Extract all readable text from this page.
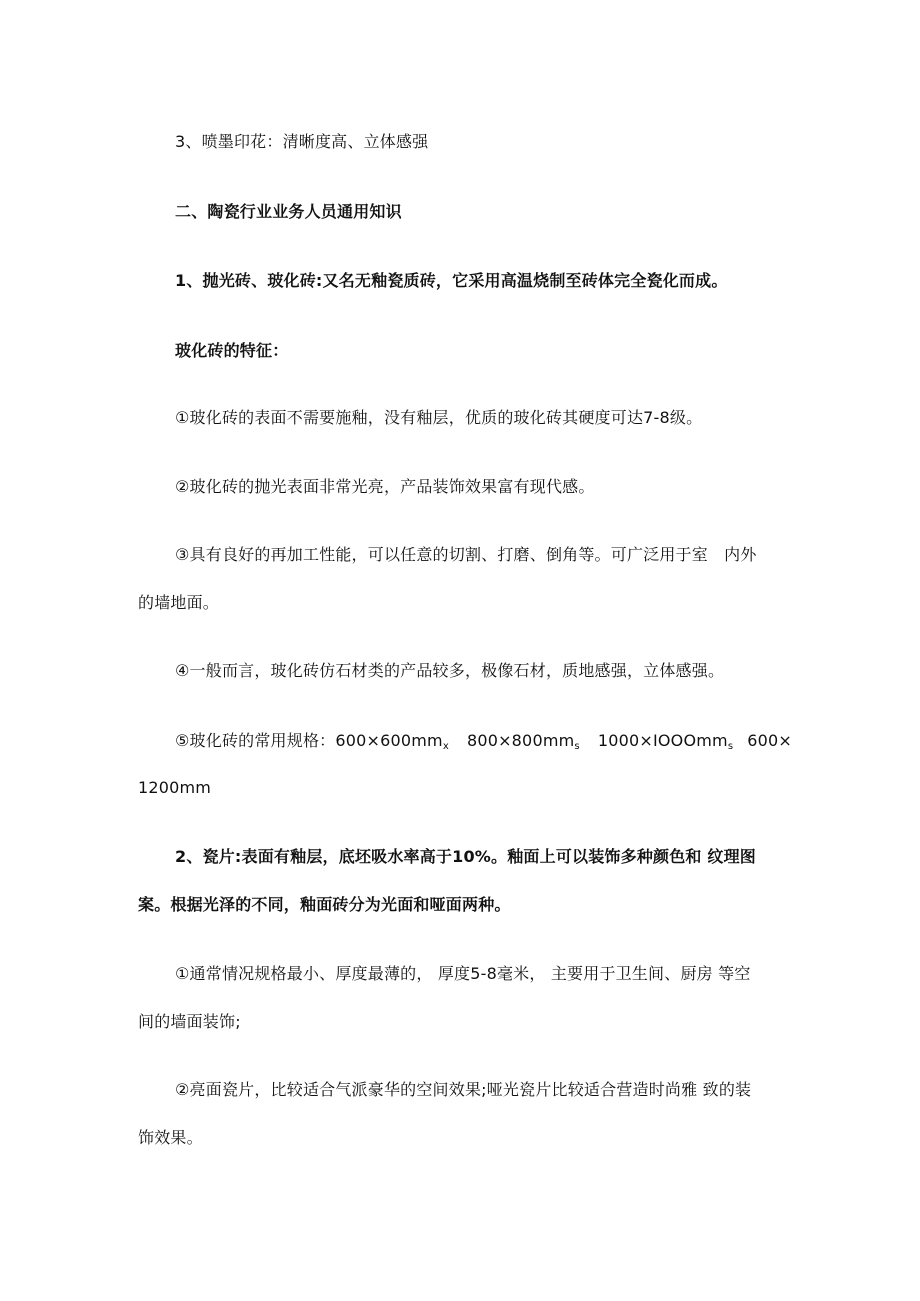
3、喷墨印花：清晰度高、立体感强
二、陶瓷行业业务人员通用知识
1、抛光砖、玻化砖:又名无釉瓷质砖，它采用高温烧制至砖体完全瓷化而成。
玻化砖的特征：
①玻化砖的表面不需要施釉，没有釉层，优质的玻化砖其硬度可达7-8级。
②玻化砖的抛光表面非常光亮，产品装饰效果富有现代感。
③具有良好的再加工性能，可以任意的切割、打磨、倒角等。可广泛用于室　内外
的墙地面。
④一般而言，玻化砖仿石材类的产品较多，极像石材，质地感强，立体感强。
⑤玻化砖的常用规格：$600\times 600mm_x$ $800\times 800mm_s$ 1000×IOOOmm$_s$ 600×
1200mm
2、瓷片:表面有釉层，底坯吸水率高于10%。釉面上可以装饰多种颜色和 纹理图
案。根据光泽的不同，釉面砖分为光面和哑面两种。
①通常情况规格最小、厚度最薄的， 厚度5-8毫米， 主要用于卫生间、厨房 等空
间的墙面装饰;
②亮面瓷片，比较适合气派豪华的空间效果;哑光瓷片比较适合营造时尚雅 致的装
饰效果。
